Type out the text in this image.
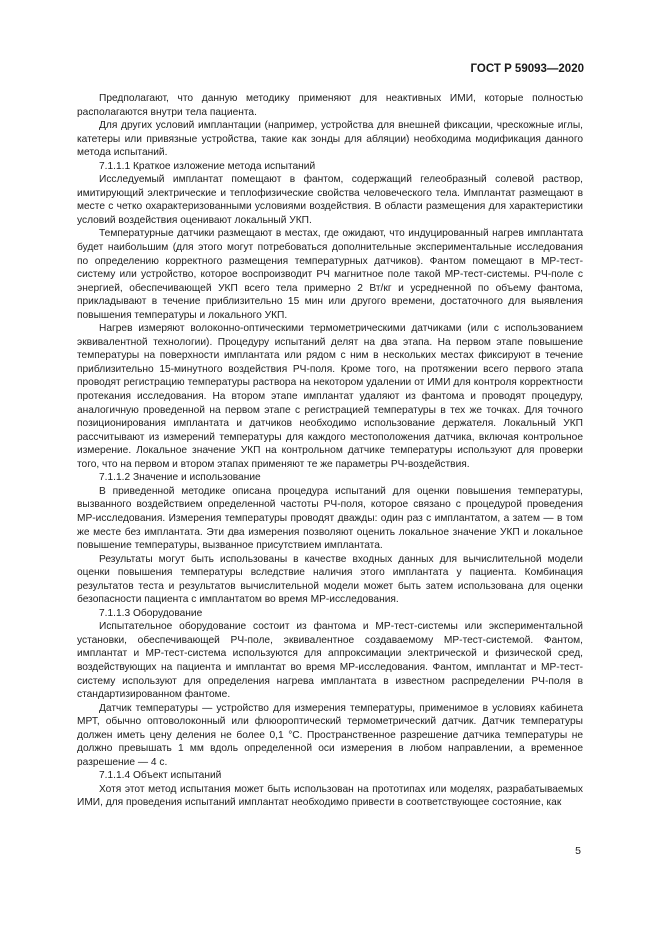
ГОСТ Р 59093—2020

Предполагают, что данную методику применяют для неактивных ИМИ, которые полностью располагаются внутри тела пациента.

Для других условий имплантации (например, устройства для внешней фиксации, чрескожные иглы, катетеры или привязные устройства, такие как зонды для абляции) необходима модификация данного метода испытаний.

7.1.1.1 Краткое изложение метода испытаний

Исследуемый имплантат помещают в фантом, содержащий гелеобразный солевой раствор, имитирующий электрические и теплофизические свойства человеческого тела. Имплантат размещают в месте с четко охарактеризованными условиями воздействия. В области размещения для характеристики условий воздействия оценивают локальный УКП.

Температурные датчики размещают в местах, где ожидают, что индуцированный нагрев имплантата будет наибольшим (для этого могут потребоваться дополнительные экспериментальные исследования по определению корректного размещения температурных датчиков). Фантом помещают в МР-тест-систему или устройство, которое воспроизводит РЧ магнитное поле такой МР-тест-системы. РЧ-поле с энергией, обеспечивающей УКП всего тела примерно 2 Вт/кг и усредненной по объему фантома, прикладывают в течение приблизительно 15 мин или другого времени, достаточного для выявления повышения температуры и локального УКП.

Нагрев измеряют волоконно-оптическими термометрическими датчиками (или с использованием эквивалентной технологии). Процедуру испытаний делят на два этапа. На первом этапе повышение температуры на поверхности имплантата или рядом с ним в нескольких местах фиксируют в течение приблизительно 15-минутного воздействия РЧ-поля. Кроме того, на протяжении всего первого этапа проводят регистрацию температуры раствора на некотором удалении от ИМИ для контроля корректности протекания исследования. На втором этапе имплантат удаляют из фантома и проводят процедуру, аналогичную проведенной на первом этапе с регистрацией температуры в тех же точках. Для точного позиционирования имплантата и датчиков необходимо использование держателя. Локальный УКП рассчитывают из измерений температуры для каждого местоположения датчика, включая контрольное измерение. Локальное значение УКП на контрольном датчике температуры используют для проверки того, что на первом и втором этапах применяют те же параметры РЧ-воздействия.

7.1.1.2 Значение и использование

В приведенной методике описана процедура испытаний для оценки повышения температуры, вызванного воздействием определенной частоты РЧ-поля, которое связано с процедурой проведения МР-исследования. Измерения температуры проводят дважды: один раз с имплантатом, а затем — в том же месте без имплантата. Эти два измерения позволяют оценить локальное значение УКП и локальное повышение температуры, вызванное присутствием имплантата.

Результаты могут быть использованы в качестве входных данных для вычислительной модели оценки повышения температуры вследствие наличия этого имплантата у пациента. Комбинация результатов теста и результатов вычислительной модели может быть затем использована для оценки безопасности пациента с имплантатом во время МР-исследования.

7.1.1.3 Оборудование

Испытательное оборудование состоит из фантома и МР-тест-системы или экспериментальной установки, обеспечивающей РЧ-поле, эквивалентное создаваемому МР-тест-системой. Фантом, имплантат и МР-тест-система используются для аппроксимации электрической и физической сред, воздействующих на пациента и имплантат во время МР-исследования. Фантом, имплантат и МР-тест-систему используют для определения нагрева имплантата в известном распределении РЧ-поля в стандартизированном фантоме.

Датчик температуры — устройство для измерения температуры, применимое в условиях кабинета МРТ, обычно оптоволоконный или флюороптический термометрический датчик. Датчик температуры должен иметь цену деления не более 0,1 °С. Пространственное разрешение датчика температуры не должно превышать 1 мм вдоль определенной оси измерения в любом направлении, а временное разрешение — 4 с.

7.1.1.4 Объект испытаний

Хотя этот метод испытания может быть использован на прототипах или моделях, разрабатываемых ИМИ, для проведения испытаний имплантат необходимо привести в соответствующее состояние, как

5
